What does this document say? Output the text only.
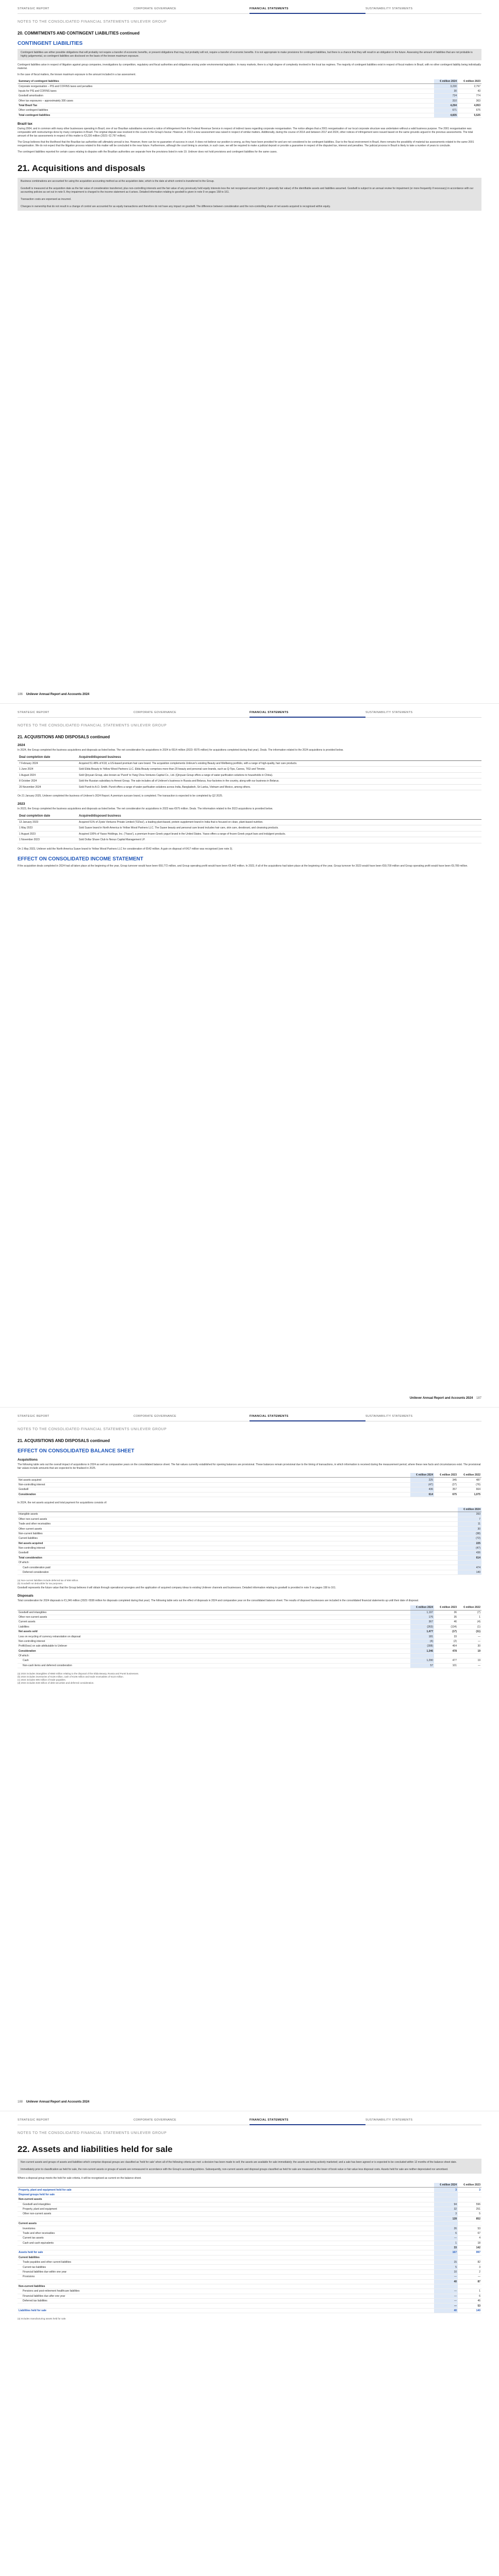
STRATEGIC REPORT	CORPORATE GOVERNANCE	FINANCIAL STATEMENTS	SUSTAINABILITY STATEMENTS
NOTES TO THE CONSOLIDATED FINANCIAL STATEMENTS UNILEVER GROUP
20. COMMITMENTS AND CONTINGENT LIABILITIES continued
CONTINGENT LIABILITIES
Contingent liabilities are either possible obligations that will probably not require a transfer of economic benefits, or present obligations that may, but probably will not, require a transfer of economic benefits. It is not appropriate to make provisions for contingent liabilities, but there is a chance that they will result in an obligation in the future. Assessing the amount of liabilities that are not probable is highly judgemental, so contingent liabilities are disclosed on the basis of the known maximum exposure.

Contingent liabilities arise in respect of litigation against group companies, investigations by competition, regulatory and fiscal authorities and obligations arising under environmental legislation. In many markets, there is a high degree of complexity involved in the local tax regimes. The majority of contingent liabilities exist in respect of fiscal matters in Brazil, with no other contingent liability being individually material.

In the case of fiscal matters, the known maximum exposure is the amount included in a tax assessment.

Summary of contingent liabilities	€ million 2024	€ million 2023
Corporate reorganisation – PIS and COFINS taxes and penalties	3,230	2,797
Inputs for PIS and COFINS taxes	30	43
Goodwill amortisation	724	774
Other tax exposures – approximately 300 cases	310	363
Total Brazil Tax	4,294	4,953
Other contingent liabilities	671	675
Total contingent liabilities	4,835	5,525
Brazil tax

During 2004, and in common with many other businesses operating in Brazil, one of our Brazilian subsidiaries received a notice of infringement from the Federal Revenue Service in respect of indirect taxes regarding corporate reorganisation. The notice alleges that a 2001 reorganisation of our local corporate structure was undertaken without a valid business purpose. The 2001 reorganisation was comparable with restructurings done by many companies in Brazil. The original dispute was resolved in the courts in the Group's favour. However, in 2013 a new assessment was raised in respect of similar matters. Additionally, during the course of 2014 and between 2017 and 2024, other notices of infringement were issued based on the same grounds argued in the previous assessments. The total amount of the tax assessments in respect of this matter is €3,230 million (2023: €2,797 million).

The Group believes that the likelihood that the Brazilian tax authorities will ultimately prevail is low. However, there can be no guarantee of success in court. It does not believe our position is wrong, as they have been provided for and are not considered to be contingent liabilities. Due to the fiscal environment in Brazil, there remains the possibility of material tax assessments related to the same 2001 reorganisation. We do not expect that the litigation process related to this matter will be concluded in the near future. Furthermore, although the court timing is uncertain, in such case, we will be required to make a judicial deposit or provide a guarantee in respect of the disputed tax, interest and penalties. The judicial process in Brazil is likely to take a number of years to conclude.

The contingent liabilities reported for certain cases relating to disputes with the Brazilian authorities are separate from the provisions listed in note 19. Unilever does not hold provisions and contingent liabilities for the same cases.

21. Acquisitions and disposals
Business combinations are accounted for using the acquisition accounting method as at the acquisition date, which is the date at which control is transferred to the Group.

Goodwill is measured at the acquisition date as the fair value of consideration transferred, plus non-controlling interests and the fair value of any previously held equity interests less the net recognised amount (which is generally fair value) of the identifiable assets and liabilities assumed. Goodwill is subject to an annual review for impairment (or more frequently if necessary) in accordance with our accounting policies as set out in note 9. Any impairment is charged to the income statement as it arises. Detailed information relating to goodwill is given in note 9 on pages 158 to 161.

Transaction costs are expensed as incurred.

Changes in ownership that do not result in a change of control are accounted for as equity transactions and therefore do not have any impact on goodwill. The difference between consideration and the non-controlling share of net assets acquired is recognised within equity.
186 Unilever Annual Report and Accounts 2024
STRATEGIC REPORT	CORPORATE GOVERNANCE	FINANCIAL STATEMENTS	SUSTAINABILITY STATEMENTS
NOTES TO THE CONSOLIDATED FINANCIAL STATEMENTS UNILEVER GROUP
21. ACQUISITIONS AND DISPOSALS continued
2024

In 2024, the Group completed the business acquisitions and disposals as listed below. The net consideration for acquisitions in 2024 is €614 million (2023: €675 million) for acquisitions completed during that year). Deals. The information related to the 2024 acquisitions is provided below.

Deal completion date	Acquired/disposed business
7 February 2024	Acquired 51.48% of K18, a US-based premium hair care brand. The acquisition complements Unilever's existing Beauty and Wellbeing portfolio, with a range of high-quality, hair care products.
1 June 2024	Sold Elida Beauty to Yellow Wood Partners LLC. Elida Beauty comprises more than 20 beauty and personal care brands, such as Q-Tips, Caress, TIGI and Timotei.
1 August 2024	Sold Qinyuan Group, also known as 'Pureit' to Yang Chou Ventures Capital Co., Ltd. (Qinyuan Group offers a range of water purification solutions to households in China).
8 October 2024	Sold the Russian subsidiary to Arnest Group. The sale includes all of Unilever's business in Russia and Belarus, four factories in the country, along with our business in Belarus.
20 November 2024	Sold Pureit to A.O. Smith. Pureit offers a range of water purification solutions across India, Bangladesh, Sri Lanka, Vietnam and Mexico, among others.

On 21 January 2025, Unilever completed the business of Unilever's 2024 Report. A premium suncare brand, is completed. The transaction is expected to be completed by Q2 2025.

2023

In 2023, the Group completed the business acquisitions and disposals as listed below. The net consideration for acquisitions in 2023 was €675 million. Deals. The information related to the 2023 acquisitions is provided below.

Deal completion date	Acquired/disposed business
13 January 2023	Acquired 51% of Zywie Ventures Private Limited ('OZiva'), a leading plant-based, protein supplement brand in India that is focused on clean, plant-based nutrition.
1 May 2023	Sold Suave brand in North America to Yellow Wood Partners LLC. The Suave beauty and personal care brand includes hair care, skin care, deodorant, and cleansing products.
1 August 2023	Acquired 100% of Yasso Holdings, Inc. ('Yasso'), a premium frozen Greek yogurt brand in the United States. Yasso offers a range of frozen Greek yogurt bars and indulgent products.
1 November 2023	Sold Dollar Shave Club to Nexus Capital Management LP.

On 1 May 2023, Unilever sold the North America Suave brand to Yellow Wood Partners LLC for consideration of €542 million. A gain on disposal of €417 million was recognised (see note 3).

EFFECT ON CONSOLIDATED INCOME STATEMENT

If the acquisition deals completed in 2024 had all taken place at the beginning of the year, Group turnover would have been €60,772 million, and Group operating profit would have been €9,442 million. In 2023, if all of the acquisitions had taken place at the beginning of the year, Group turnover for 2023 would have been €59,709 million and Group operating profit would have been €9,789 million.

Unilever Annual Report and Accounts 2024 187
STRATEGIC REPORT	CORPORATE GOVERNANCE	FINANCIAL STATEMENTS	SUSTAINABILITY STATEMENTS
NOTES TO THE CONSOLIDATED FINANCIAL STATEMENTS UNILEVER GROUP
21. ACQUISITIONS AND DISPOSALS continued
EFFECT ON CONSOLIDATED BALANCE SHEET
Acquisitions

The following table sets out the overall impact of acquisitions in 2024 as well as comparative years on the consolidated balance sheet. The fair values currently established for opening balances are provisional. These balances remain provisional due to the timing of transactions, in which information is received during the measurement period, where these new facts and circumstances exist. The provisional fair values include amounts that are expected to be finalised in 2025.

	€ million 2024	€ million 2023	€ million 2022
Net assets acquired	225	345	487
Non-controlling interest	(47)	(27)	(76)
Goodwill	436	357	664
Consideration	614	675	1,075

In 2024, the net assets acquired and total payment for acquisitions consists of:

	€ million 2024
Intangible assets	393
Other non-current assets	7
Trade and other receivables	11
Other current assets	30
Non-current liabilities	(98)
Current liabilities	(72)
Net assets acquired	225
Non-controlling interest	(47)
Goodwill	436
Total consideration	614
Of which:	
Cash consideration paid	474
Deferred consideration	140
(a) Non-current liabilities include deferred tax of €98 million.
(b) Goodwill not deductible for tax purposes.

Goodwill represents the future value that the Group believes it will obtain through operational synergies and the application of acquired company ideas to existing Unilever channels and businesses. Detailed information relating to goodwill is provided in note 9 on pages 158 to 161.

Disposals

Total consideration for 2024 disposals is €1,346 million (2023: €938 million for disposals completed during that year). The following table sets out the effect of disposals in 2024 and comparative year on the consolidated balance sheet. The results of disposed businesses are included in the consolidated financial statements up until their date of disposal.

	€ million 2024	€ million 2023	€ million 2022
Goodwill and intangibles	1,197	36	(7)
Other non-current assets	176	35	1
Current assets	367	46	(4)
Liabilities	(263)	(134)	(1)
Net assets sold	1,477	(17)	(11)
Loss on recycling of currency retranslation on disposal	181	33	—
Non-controlling interest	(4)	(2)	—
Profit/(loss) on sale attributable to Unilever	(308)	464	30
Consideration	1,346	478	19
Of which:			
Cash	1,290	477	19
Non-cash items and deferred consideration	57	101	—
(a) 2024 includes intangibles of €860 million relating to the disposal of the Elida Beauty, Russia and Pureit businesses.
(b) 2024 includes inventories of €136 million, cash of €106 million and trade receivables of €123 million.
(c) 2024 includes €95 million of trade payables.
(d) 2024 includes €48 million of debt securities and deferred consideration.
188 Unilever Annual Report and Accounts 2024
STRATEGIC REPORT	CORPORATE GOVERNANCE	FINANCIAL STATEMENTS	SUSTAINABILITY STATEMENTS
NOTES TO THE CONSOLIDATED FINANCIAL STATEMENTS UNILEVER GROUP
22. Assets and liabilities held for sale
Non-current assets and groups of assets and liabilities which comprise disposal groups are classified as 'held for sale' when all of the following criteria are met: a decision has been made to sell; the assets are available for sale immediately; the assets are being actively marketed; and a sale has been agreed or is expected to be concluded within 12 months of the balance sheet date.

Immediately prior to classification as held for sale, the non-current assets or groups of assets are remeasured in accordance with the Group's accounting policies. Subsequently, non-current assets and disposal groups classified as held for sale are measured at the lower of book value or fair value less disposal costs. Assets held for sale are neither depreciated nor amortised.

Where a disposal group meets the held for sale criteria, it will be recognised as current on the balance sheet.

	€ million 2024	€ million 2023
Property, plant and equipment held for sale	3	3
Disposal groups held for sale		
Non-current assets		
Goodwill and intangibles	94	596
Property, plant and equipment	32	251
Other non-current assets	3	5
	128	852
Current assets		
Inventories	26	53
Trade and other receivables	6	67
Current tax assets	—	4
Cash and cash equivalents	1	18
	33	142
Assets held for sale	167	997
Current liabilities		
Trade payables and other current liabilities	15	82
Current tax liabilities	5	3
Financial liabilities due within one year	10	2
Provisions	—	—
	40	87
Non-current liabilities		
Pensions and post-retirement healthcare liabilities	—	1
Financial liabilities due after one year	—	6
Deferred tax liabilities	—	46
	—	53
Liabilities held for sale	40	140
(a) Includes manufacturing assets held for sale.
